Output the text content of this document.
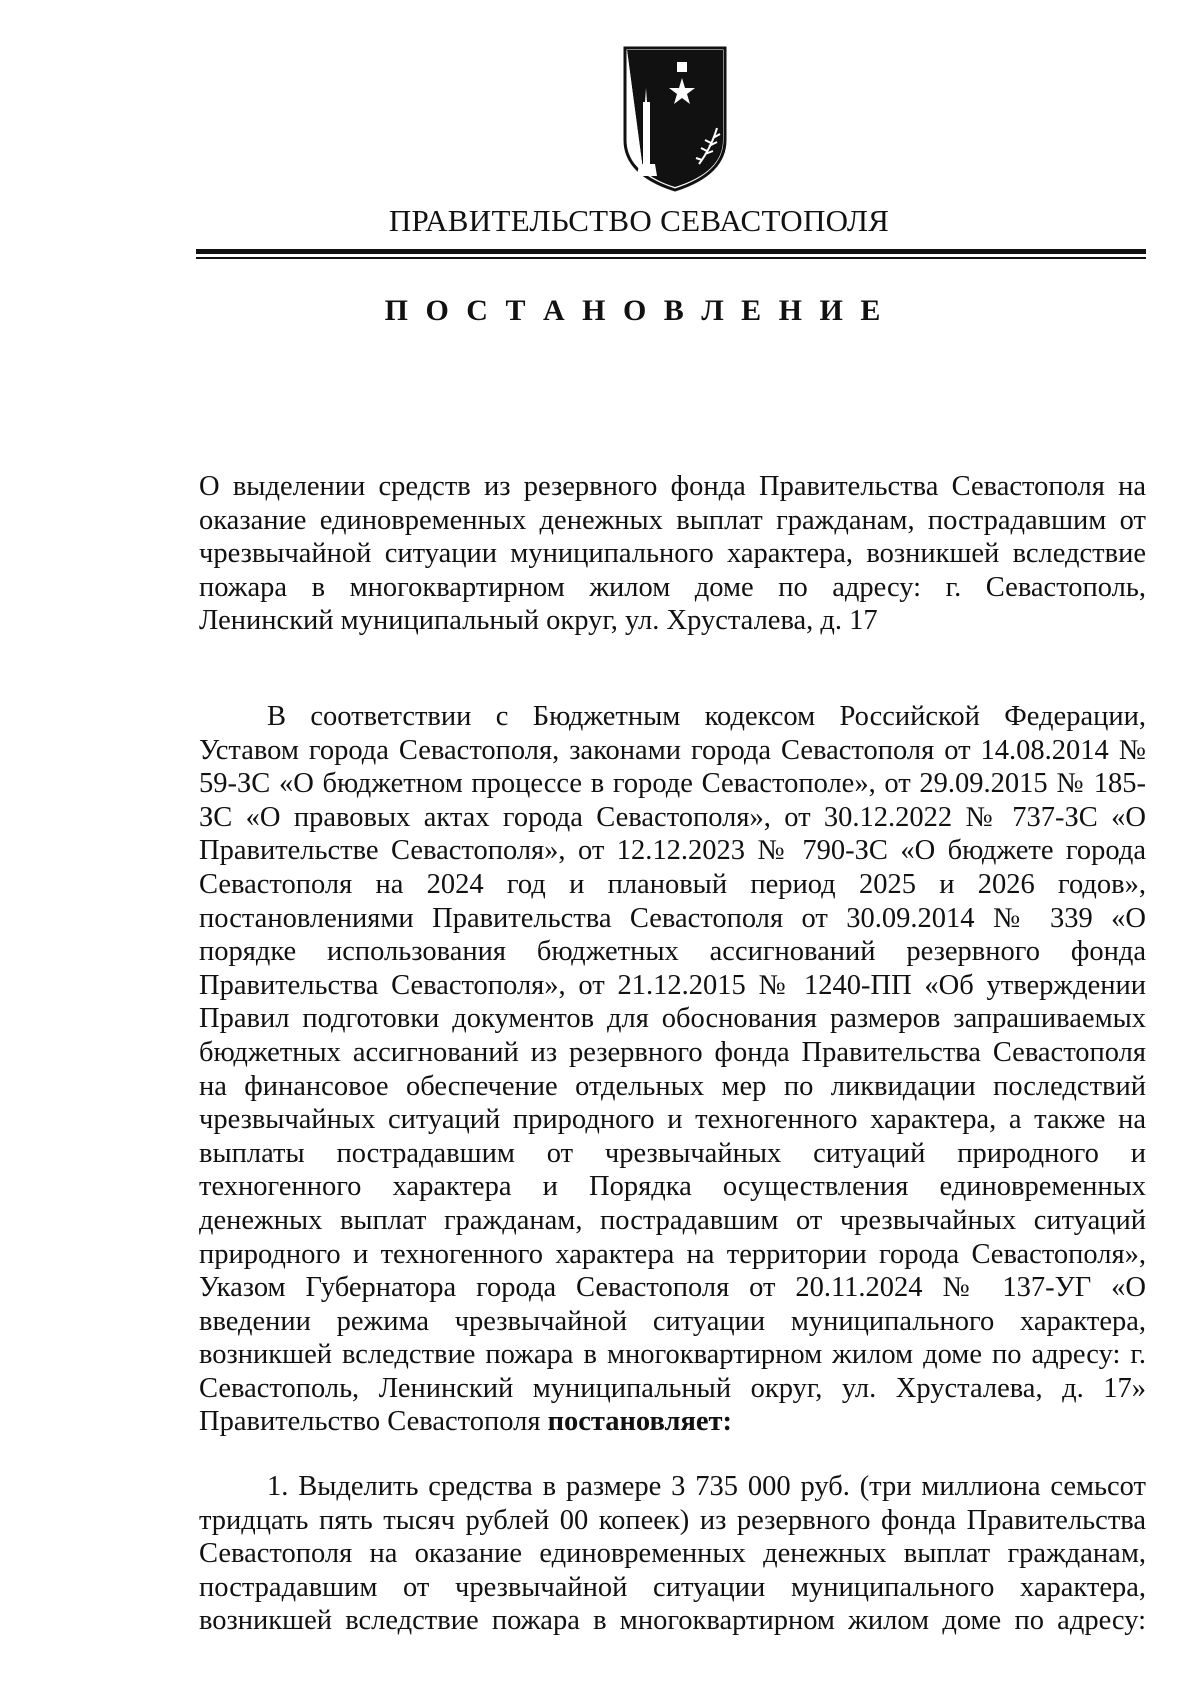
ПРАВИТЕЛЬСТВО СЕВАСТОПОЛЯ
П О С Т А Н О В Л Е Н И Е

О выделении средств из резервного фонда Правительства Севастополя на оказание единовременных денежных выплат гражданам, пострадавшим от чрезвычайной ситуации муниципального характера, возникшей вследствие пожара в многоквартирном жилом доме по адресу: г. Севастополь, Ленинский муниципальный округ, ул. Хрусталева, д. 17

В соответствии с Бюджетным кодексом Российской Федерации, Уставом города Севастополя, законами города Севастополя от 14.08.2014 № 59-ЗС «О бюджетном процессе в городе Севастополе», от 29.09.2015 № 185-ЗС «О правовых актах города Севастополя», от 30.12.2022 № 737-ЗС «О Правительстве Севастополя», от 12.12.2023 № 790-ЗС «О бюджете города Севастополя на 2024 год и плановый период 2025 и 2026 годов», постановлениями Правительства Севастополя от 30.09.2014 № 339 «О порядке использования бюджетных ассигнований резервного фонда Правительства Севастополя», от 21.12.2015 № 1240-ПП «Об утверждении Правил подготовки документов для обоснования размеров запрашиваемых бюджетных ассигнований из резервного фонда Правительства Севастополя на финансовое обеспечение отдельных мер по ликвидации последствий чрезвычайных ситуаций природного и техногенного характера, а также на выплаты пострадавшим от чрезвычайных ситуаций природного и техногенного характера и Порядка осуществления единовременных денежных выплат гражданам, пострадавшим от чрезвычайных ситуаций природного и техногенного характера на территории города Севастополя», Указом Губернатора города Севастополя от 20.11.2024 № 137-УГ «О введении режима чрезвычайной ситуации муниципального характера, возникшей вследствие пожара в многоквартирном жилом доме по адресу: г. Севастополь, Ленинский муниципальный округ, ул. Хрусталева, д. 17» Правительство Севастополя постановляет:

1. Выделить средства в размере 3 735 000 руб. (три миллиона семьсот тридцать пять тысяч рублей 00 копеек) из резервного фонда Правительства Севастополя на оказание единовременных денежных выплат гражданам, пострадавшим от чрезвычайной ситуации муниципального характера, возникшей вследствие пожара в многоквартирном жилом доме по адресу:
